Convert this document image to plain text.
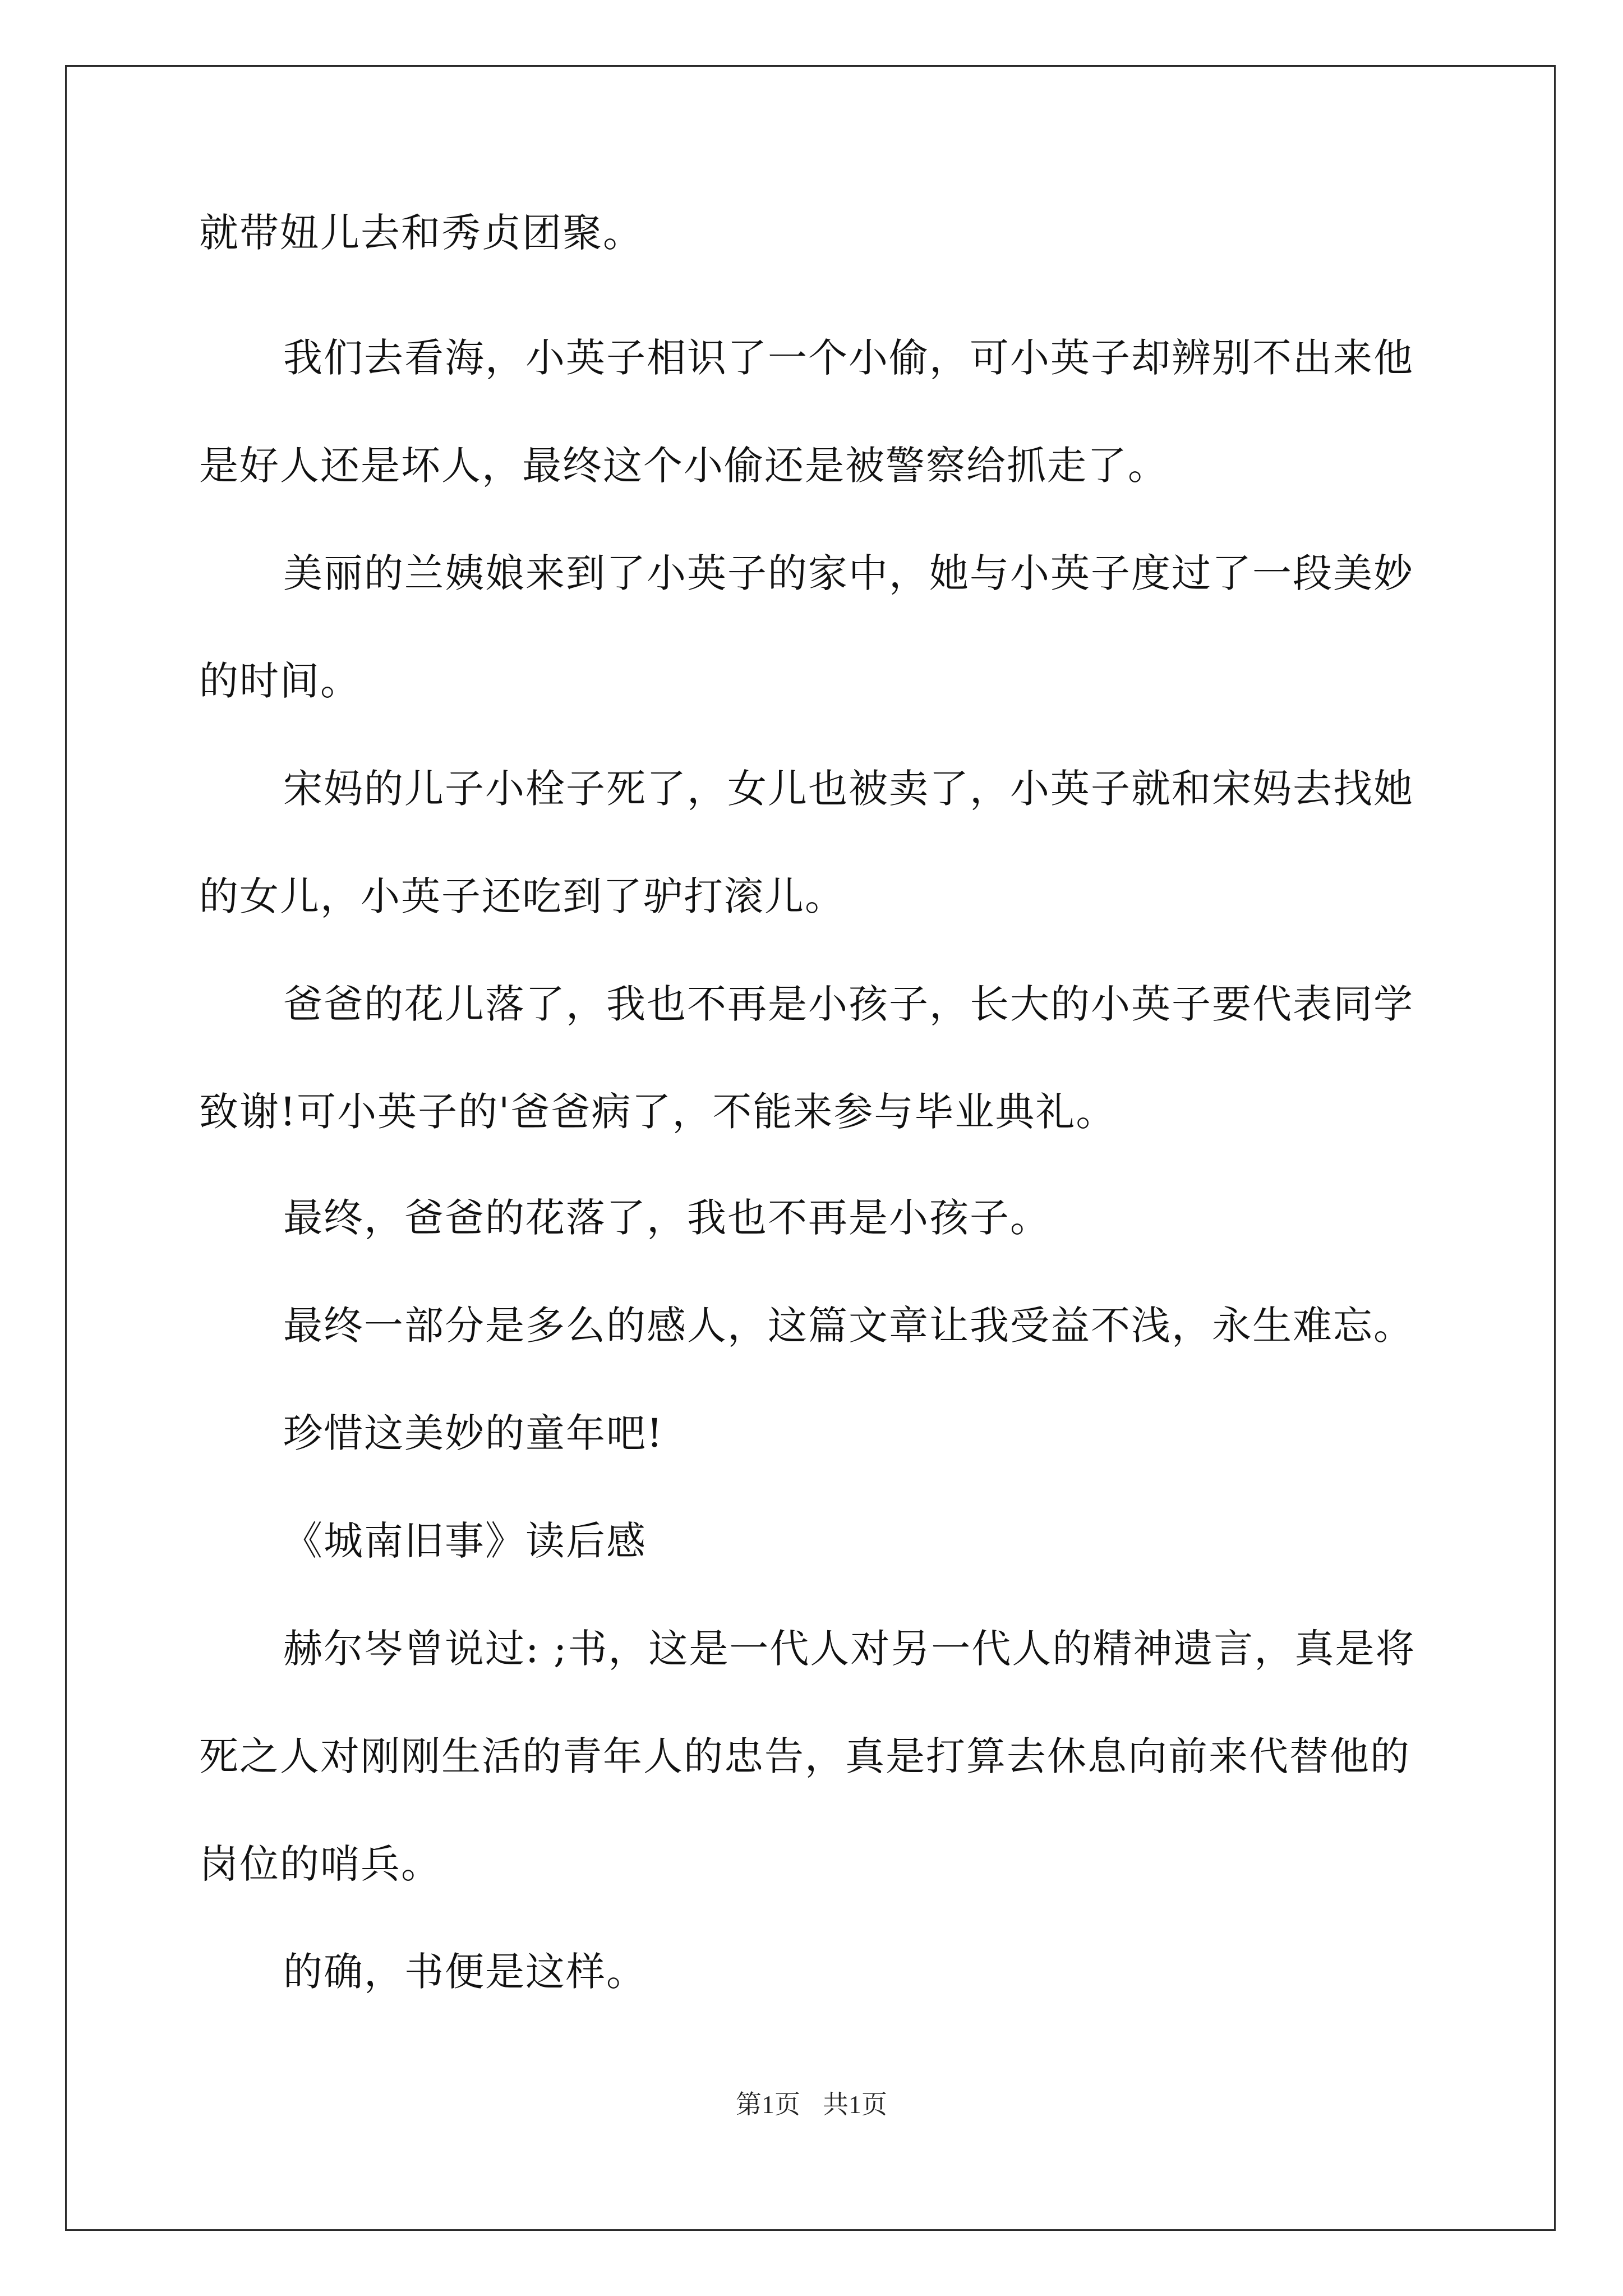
就带妞儿去和秀贞团聚。
我们去看海，小英子相识了一个小偷，可小英子却辨别不出来他
是好人还是坏人，最终这个小偷还是被警察给抓走了。
美丽的兰姨娘来到了小英子的家中，她与小英子度过了一段美妙
的时间。
宋妈的儿子小栓子死了，女儿也被卖了，小英子就和宋妈去找她
的女儿，小英子还吃到了驴打滚儿。
爸爸的花儿落了，我也不再是小孩子，长大的小英子要代表同学
致谢!可小英子的'爸爸病了，不能来参与毕业典礼。
最终，爸爸的花落了，我也不再是小孩子。
最终一部分是多么的感人，这篇文章让我受益不浅，永生难忘。
珍惜这美妙的童年吧!
《城南旧事》读后感
赫尔岑曾说过: ;书，这是一代人对另一代人的精神遗言，真是将
死之人对刚刚生活的青年人的忠告，真是打算去休息向前来代替他的
岗位的哨兵。
的确，书便是这样。
第1页 共1页
